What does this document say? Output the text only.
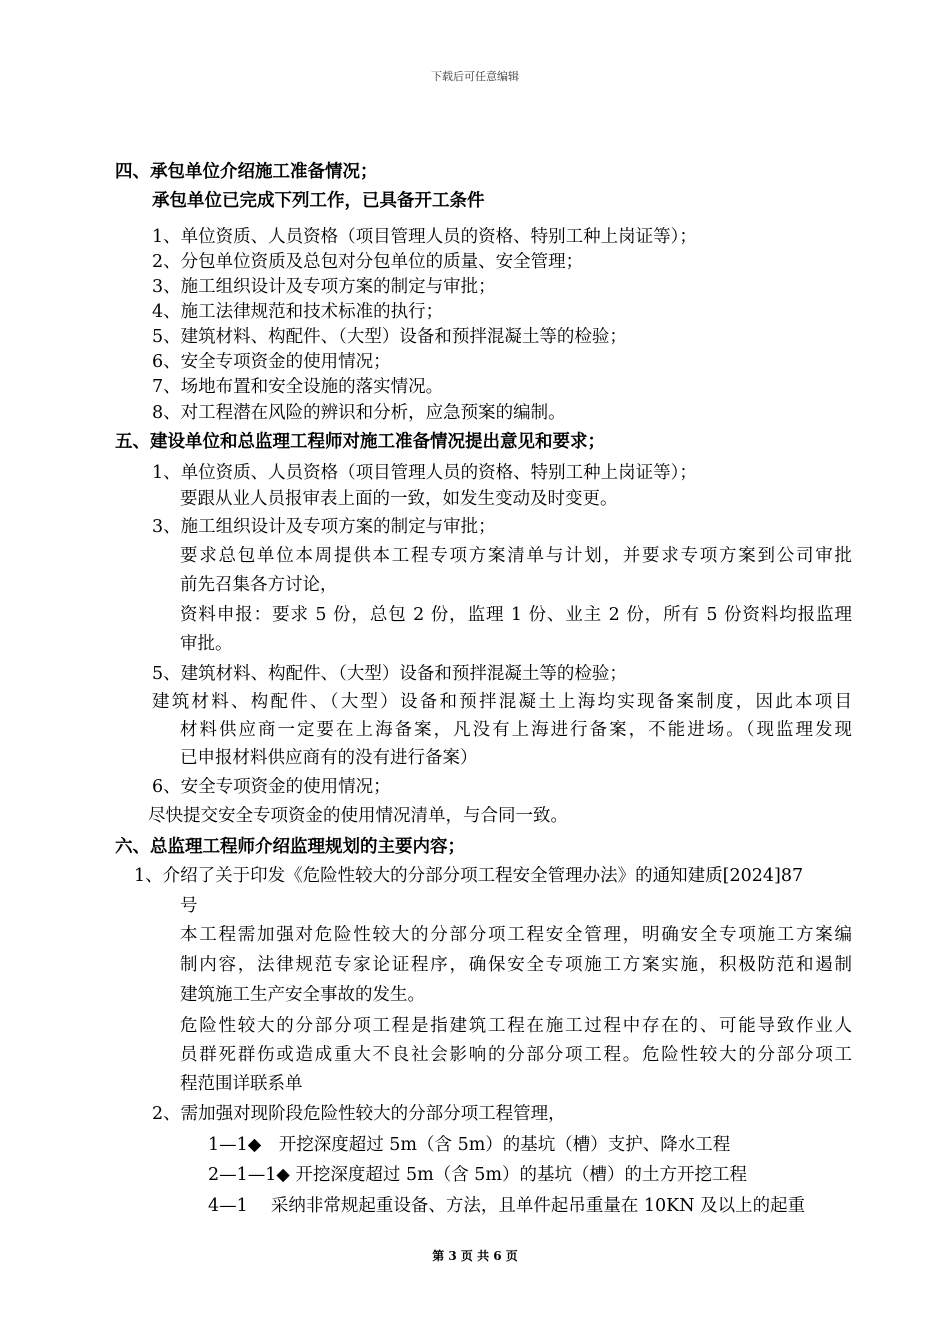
下载后可任意编辑
四、承包单位介绍施工准备情况；
承包单位已完成下列工作，已具备开工条件
1、单位资质、人员资格（项目管理人员的资格、特别工种上岗证等）；
2、分包单位资质及总包对分包单位的质量、安全管理；
3、施工组织设计及专项方案的制定与审批；
4、施工法律规范和技术标准的执行；
5、建筑材料、构配件、（大型）设备和预拌混凝土等的检验；
6、安全专项资金的使用情况；
7、场地布置和安全设施的落实情况。
8、对工程潜在风险的辨识和分析，应急预案的编制。
五、建设单位和总监理工程师对施工准备情况提出意见和要求；
1、单位资质、人员资格（项目管理人员的资格、特别工种上岗证等）；
要跟从业人员报审表上面的一致，如发生变动及时变更。
3、施工组织设计及专项方案的制定与审批；
要求总包单位本周提供本工程专项方案清单与计划，并要求专项方案到公司审批
前先召集各方讨论，
资料申报：要求 5 份，总包 2 份，监理 1 份、业主 2 份，所有 5 份资料均报监理
审批。
5、建筑材料、构配件、（大型）设备和预拌混凝土等的检验；
建筑材料、构配件、（大型）设备和预拌混凝土上海均实现备案制度，因此本项目
材料供应商一定要在上海备案，凡没有上海进行备案，不能进场。（现监理发现
已申报材料供应商有的没有进行备案）
6、安全专项资金的使用情况；
尽快提交安全专项资金的使用情况清单，与合同一致。
六、总监理工程师介绍监理规划的主要内容；
1、介绍了关于印发《危险性较大的分部分项工程安全管理办法》的通知建质[2024]87
号
本工程需加强对危险性较大的分部分项工程安全管理，明确安全专项施工方案编
制内容，法律规范专家论证程序，确保安全专项施工方案实施，积极防范和遏制
建筑施工生产安全事故的发生。
危险性较大的分部分项工程是指建筑工程在施工过程中存在的、可能导致作业人
员群死群伤或造成重大不良社会影响的分部分项工程。危险性较大的分部分项工
程范围详联系单
2、需加强对现阶段危险性较大的分部分项工程管理，
1—1◆　开挖深度超过 5m（含 5m）的基坑（槽）支护、降水工程
2—1—1◆ 开挖深度超过 5m（含 5m）的基坑（槽）的土方开挖工程
4—1　 采纳非常规起重设备、方法，且单件起吊重量在 10KN 及以上的起重
第 3 页 共 6 页
